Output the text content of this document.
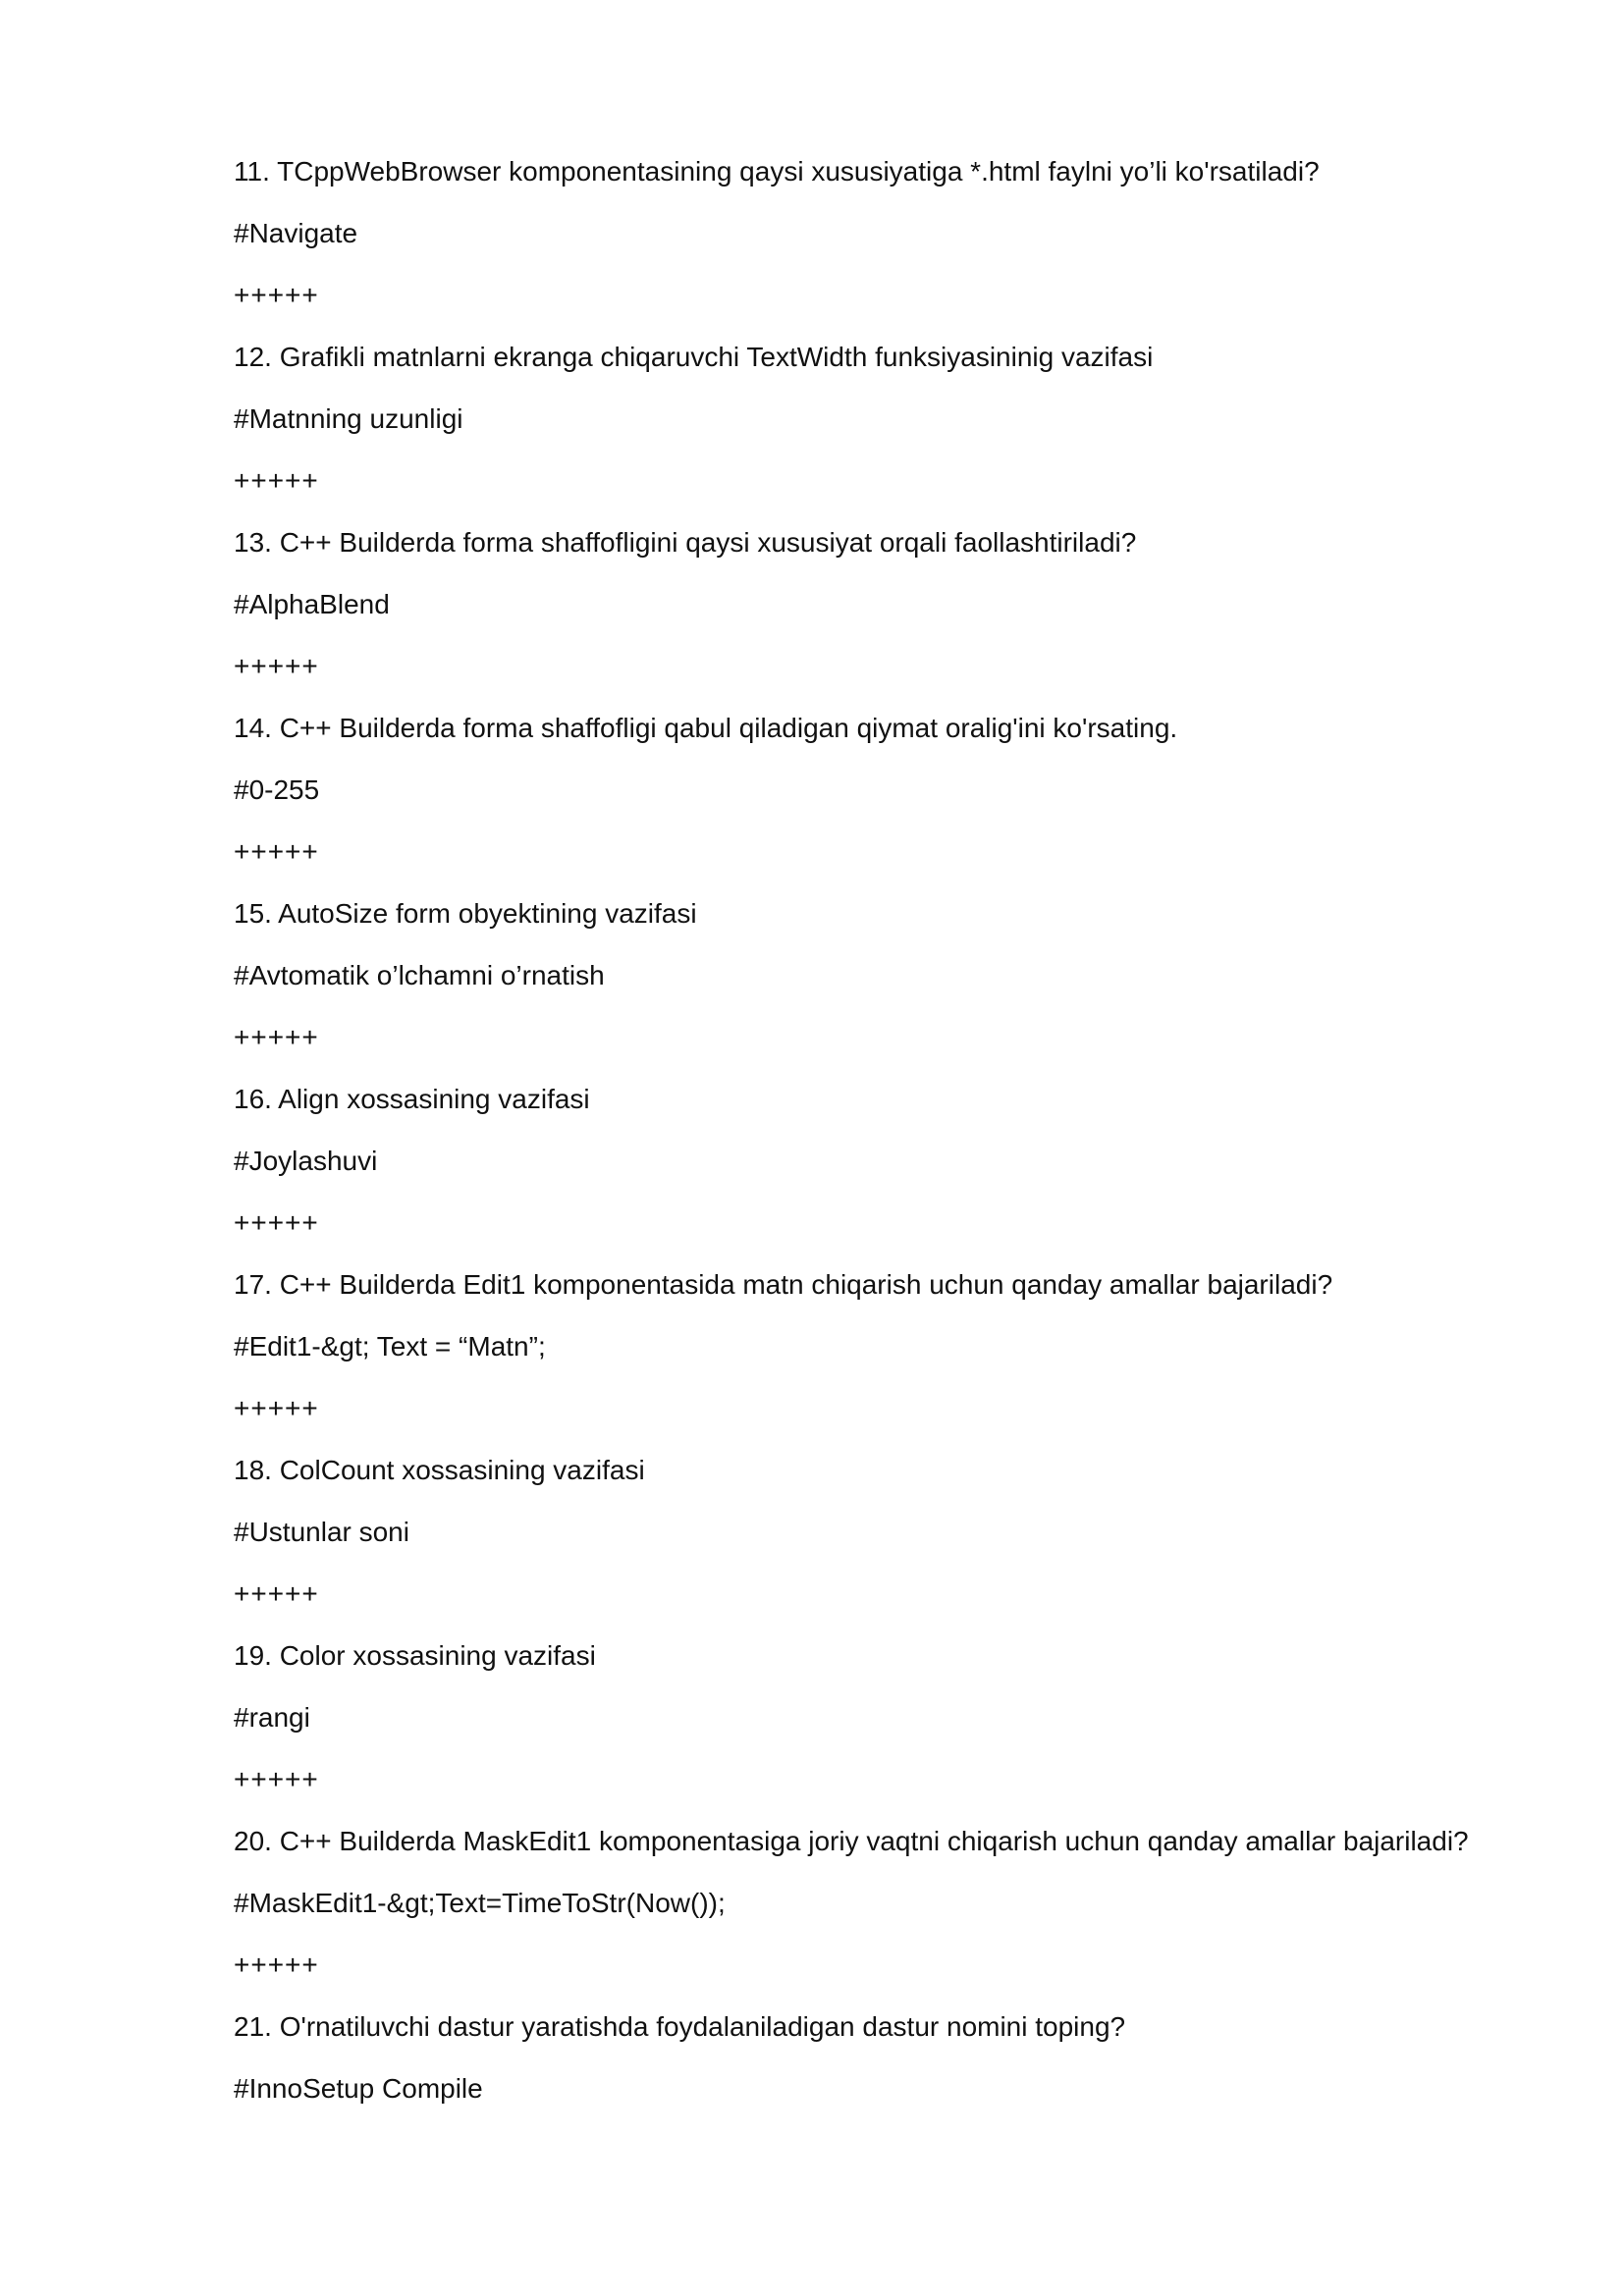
11. TCppWebBrowser komponentasining qaysi xususiyatiga *.html faylni yo’li ko'rsatiladi?
#Navigate
+++++
12. Grafikli matnlarni ekranga chiqaruvchi TextWidth funksiyasininig vazifasi
#Matnning uzunligi
+++++
13. C++ Builderda forma shaffofligini qaysi xususiyat orqali faollashtiriladi?
#AlphaBlend
+++++
14. C++ Builderda forma shaffofligi qabul qiladigan qiymat oralig'ini ko'rsating.
#0-255
+++++
15. AutoSize form obyektining vazifasi
#Avtomatik o’lchamni o’rnatish
+++++
16. Align xossasining vazifasi
#Joylashuvi
+++++
17. C++ Builderda Edit1 komponentasida matn chiqarish uchun qanday amallar bajariladi?
#Edit1-&gt; Text = “Matn”;
+++++
18. ColCount xossasining vazifasi
#Ustunlar soni
+++++
19. Color xossasining vazifasi
#rangi
+++++
20. C++ Builderda MaskEdit1 komponentasiga joriy vaqtni chiqarish uchun qanday amallar bajariladi?
#MaskEdit1-&gt;Text=TimeToStr(Now());
+++++
21. O'rnatiluvchi dastur yaratishda foydalaniladigan dastur nomini toping?
#InnoSetup Compile
